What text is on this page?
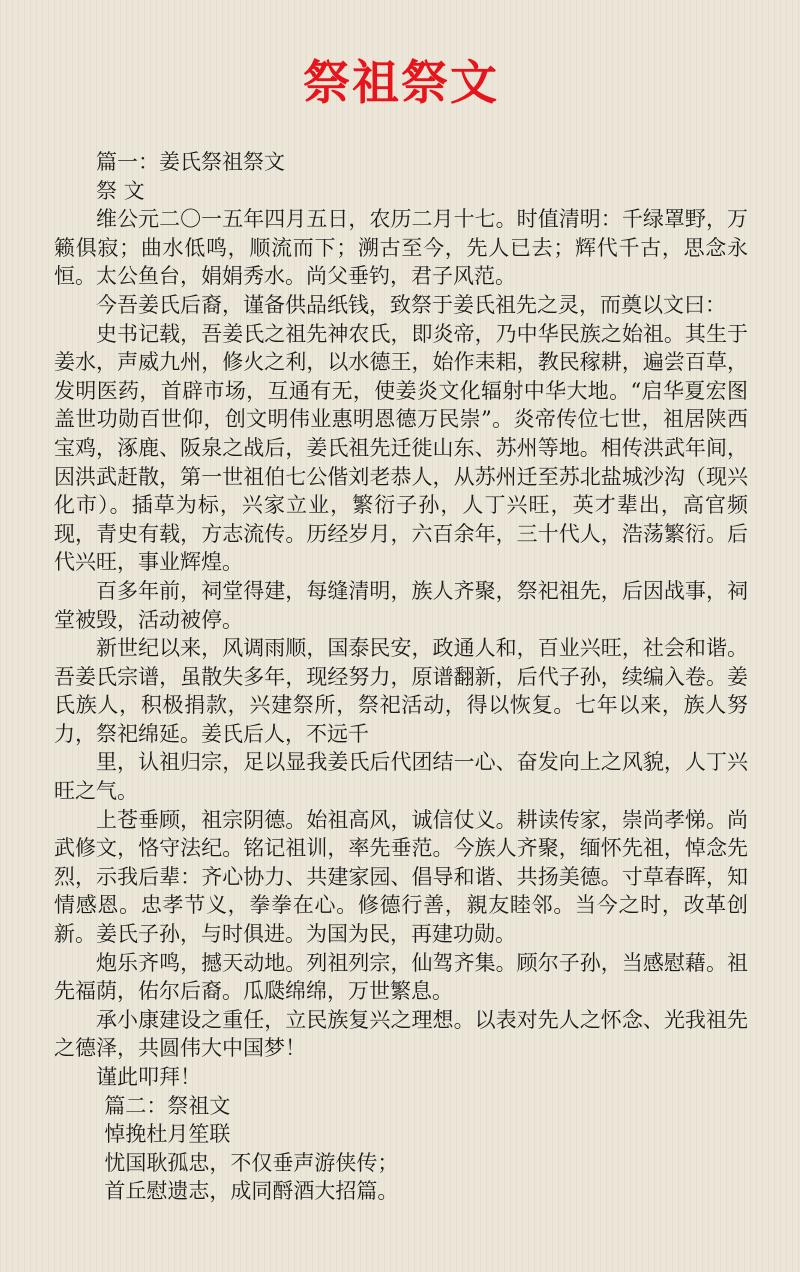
祭祖祭文

篇一：姜氏祭祖祭文

祭 文

维公元二〇一五年四月五日，农历二月十七。时值清明：千绿罩野，万籁俱寂；曲水低鸣，顺流而下；溯古至今，先人已去；辉代千古，思念永恒。太公鱼台，娟娟秀水。尚父垂钓，君子风范。

今吾姜氏后裔，谨备供品纸钱，致祭于姜氏祖先之灵，而奠以文曰：

史书记载，吾姜氏之祖先神农氏，即炎帝，乃中华民族之始祖。其生于姜水，声威九州，修火之利，以水德王，始作耒耜，教民稼耕，遍尝百草，发明医药，首辟市场，互通有无，使姜炎文化辐射中华大地。“启华夏宏图盖世功勋百世仰，创文明伟业惠明恩德万民崇”。炎帝传位七世，祖居陕西宝鸡，涿鹿、阪泉之战后，姜氏祖先迁徙山东、苏州等地。相传洪武年间，因洪武赶散，第一世祖伯七公偕刘老恭人，从苏州迁至苏北盐城沙沟（现兴化市）。插草为标，兴家立业，繁衍子孙，人丁兴旺，英才辈出，高官频现，青史有载，方志流传。历经岁月，六百余年，三十代人，浩荡繁衍。后代兴旺，事业辉煌。

百多年前，祠堂得建，每缝清明，族人齐聚，祭祀祖先，后因战事，祠堂被毁，活动被停。

新世纪以来，风调雨顺，国泰民安，政通人和，百业兴旺，社会和谐。吾姜氏宗谱，虽散失多年，现经努力，原谱翻新，后代子孙，续编入卷。姜氏族人，积极捐款，兴建祭所，祭祀活动，得以恢复。七年以来，族人努力，祭祀绵延。姜氏后人，不远千

里，认祖归宗，足以显我姜氏后代团结一心、奋发向上之风貌，人丁兴旺之气。

上苍垂顾，祖宗阴德。始祖高风，诚信仗义。耕读传家，崇尚孝悌。尚武修文，恪守法纪。铭记祖训，率先垂范。今族人齐聚，缅怀先祖，悼念先烈，示我后辈：齐心协力、共建家园、倡导和谐、共扬美德。寸草春晖，知情感恩。忠孝节义，拳拳在心。修德行善，親友睦邻。当今之时，改革创新。姜氏子孙，与时俱进。为国为民，再建功勋。

炮乐齐鸣，撼天动地。列祖列宗，仙驾齐集。顾尔子孙，当感慰藉。祖先福荫，佑尔后裔。瓜瓞绵绵，万世繁息。

承小康建设之重任，立民族复兴之理想。以表对先人之怀念、光我祖先之德泽，共圆伟大中国梦！

谨此叩拜！

篇二：祭祖文

悼挽杜月笙联

忧国耿孤忠，不仅垂声游侠传；

首丘慰遗志，成同酹酒大招篇。
